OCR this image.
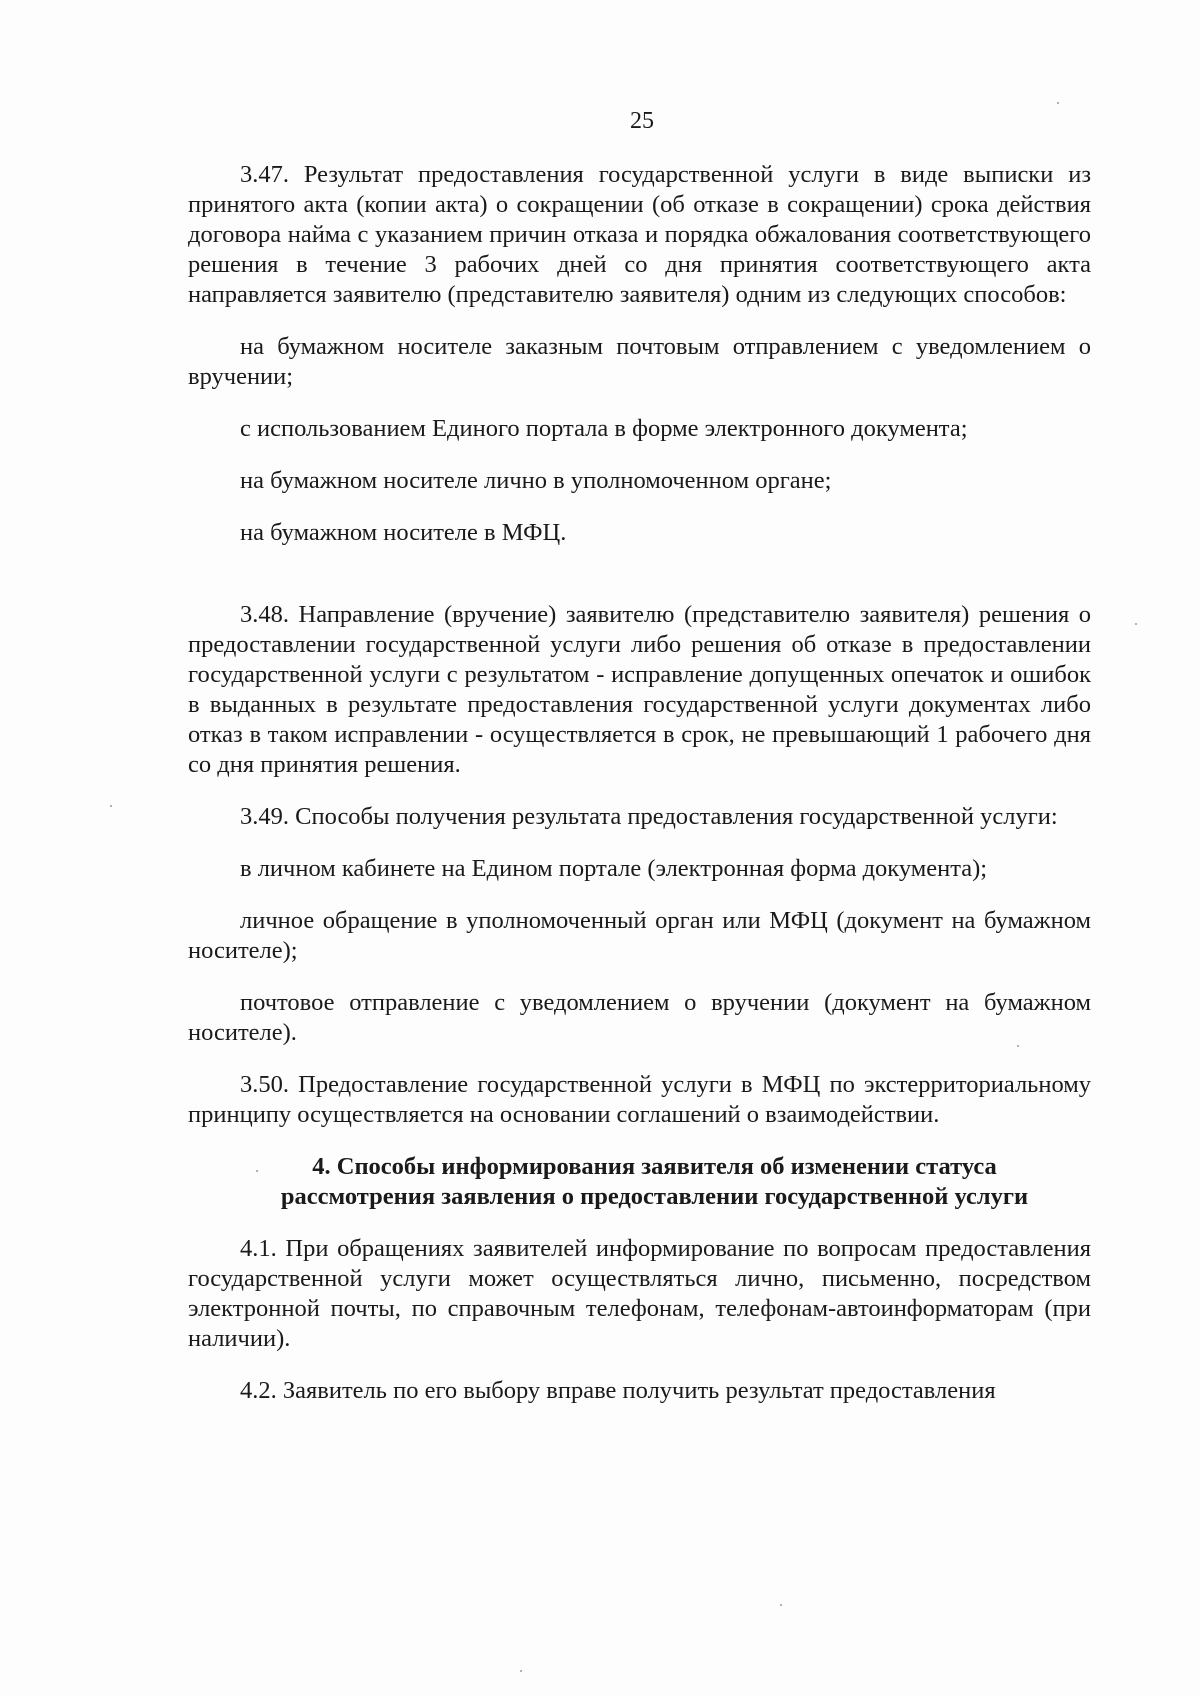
25

3.47. Результат предоставления государственной услуги в виде выписки из принятого акта (копии акта) о сокращении (об отказе в сокращении) срока действия договора найма с указанием причин отказа и порядка обжалования соответствующего решения в течение 3 рабочих дней со дня принятия соответствующего акта направляется заявителю (представителю заявителя) одним из следующих способов:

на бумажном носителе заказным почтовым отправлением с уведомлением о вручении;

с использованием Единого портала в форме электронного документа;

на бумажном носителе лично в уполномоченном органе;

на бумажном носителе в МФЦ.

3.48. Направление (вручение) заявителю (представителю заявителя) решения о предоставлении государственной услуги либо решения об отказе в предоставлении государственной услуги с результатом - исправление допущенных опечаток и ошибок в выданных в результате предоставления государственной услуги документах либо отказ в таком исправлении - осуществляется в срок, не превышающий 1 рабочего дня со дня принятия решения.

3.49. Способы получения результата предоставления государственной услуги:

в личном кабинете на Едином портале (электронная форма документа);

личное обращение в уполномоченный орган или МФЦ (документ на бумажном носителе);

почтовое отправление с уведомлением о вручении (документ на бумажном носителе).

3.50. Предоставление государственной услуги в МФЦ по экстерриториальному принципу осуществляется на основании соглашений о взаимодействии.

4. Способы информирования заявителя об изменении статуса
рассмотрения заявления о предоставлении государственной услуги

4.1. При обращениях заявителей информирование по вопросам предоставления государственной услуги может осуществляться лично, письменно, посредством электронной почты, по справочным телефонам, телефонам-автоинформаторам (при наличии).

4.2. Заявитель по его выбору вправе получить результат предоставления
